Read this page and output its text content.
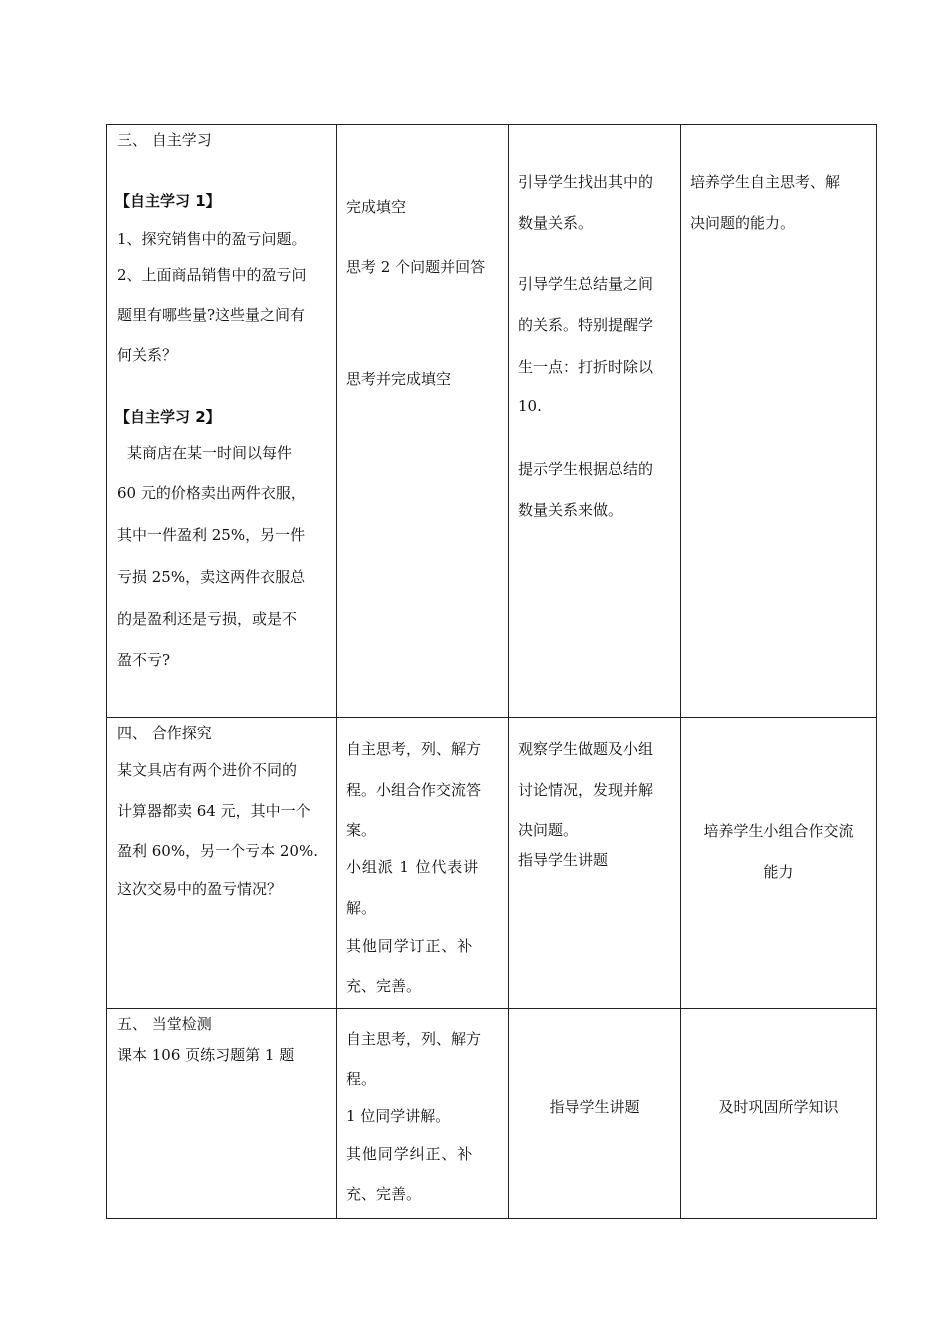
三、 自主学习
【自主学习 1】
1、探究销售中的盈亏问题。
2、上面商品销售中的盈亏问
题里有哪些量?这些量之间有
何关系？
【自主学习 2】
某商店在某一时间以每件
60 元的价格卖出两件衣服，
其中一件盈利 25%，另一件
亏损 25%，卖这两件衣服总
的是盈利还是亏损，或是不
盈不亏?
完成填空
思考 2 个问题并回答
思考并完成填空
引导学生找出其中的
数量关系。
引导学生总结量之间
的关系。特别提醒学
生一点：打折时除以
10.
提示学生根据总结的
数量关系来做。
培养学生自主思考、解
决问题的能力。
四、 合作探究
某文具店有两个进价不同的
计算器都卖 64 元，其中一个
盈利 60%，另一个亏本 20%.
这次交易中的盈亏情况？
自主思考，列、解方
程。小组合作交流答
案。
小组派 1 位代表讲
解。
其他同学订正、补
充、完善。
观察学生做题及小组
讨论情况，发现并解
决问题。
指导学生讲题
培养学生小组合作交流
能力
五、 当堂检测
课本 106 页练习题第 1 题
自主思考，列、解方
程。
1 位同学讲解。
其他同学纠正、补
充、完善。
指导学生讲题	及时巩固所学知识
